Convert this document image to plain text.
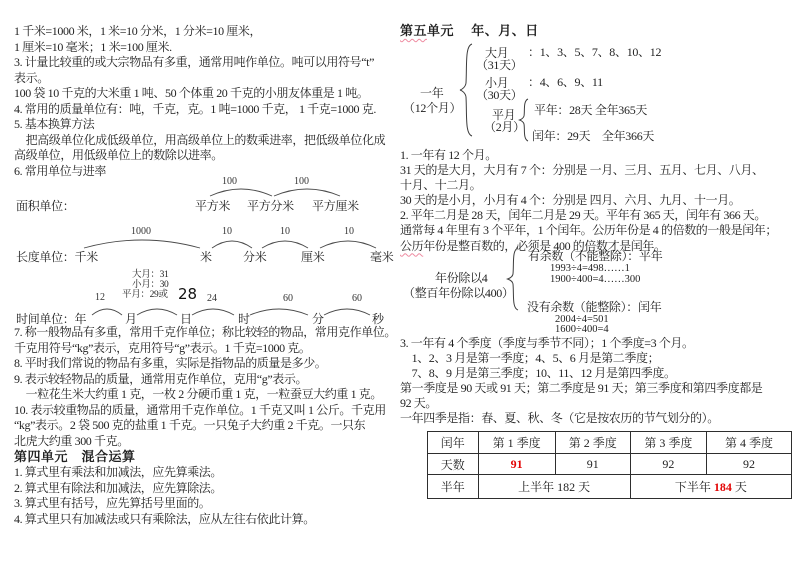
1 千米=1000 米，1 米=10 分米，1 分米=10 厘米，
1 厘米=10 毫米；1 米=100 厘米.
3. 计量比较重的或大宗物品有多重，通常用吨作单位。吨可以用符号“t”
表示。
100 袋 10 千克的大米重 1 吨、50 个体重 20 千克的小朋友体重是 1 吨。
4. 常用的质量单位有：吨，千克，克。1 吨=1000 千克， 1 千克=1000 克.
5. 基本换算方法
　把高级单位化成低级单位，用高级单位上的数乘进率，把低级单位化成
高级单位，用低级单位上的数除以进率。
6. 常用单位与进率
100	100
面积单位：	平方米 平方分米 平方厘米
1000	10	10	10
长度单位：千米	米	分米	厘米	毫米
大月：31
小月：30
平月：29或 28
12	24	60	60
时间单位：年	月	日	时	分	秒
7. 称一般物品有多重，常用千克作单位；称比较轻的物品，常用克作单位。
千克用符号“kg”表示，克用符号“g”表示。1 千克=1000 克。
8. 平时我们常说的物品有多重，实际是指物品的质量是多少。
9. 表示较轻物品的质量，通常用克作单位，克用“g”表示。
　一粒花生米大约重 1 克，一枚 2 分硬币重 1 克，一粒蚕豆大约重 1 克。
10. 表示较重物品的质量，通常用千克作单位。1 千克又叫 1 公斤。千克用
“kg”表示。2 袋 500 克的盐重 1 千克。一只兔子大约重 2 千克。一只东
北虎大约重 300 千克。
第四单元　混合运算
1. 算式里有乘法和加减法，应先算乘法。
2. 算式里有除法和加减法，应先算除法。
3. 算式里有括号，应先算括号里面的。
4. 算式里只有加减法或只有乘除法，应从左往右依此计算。
第五单元　 年、月、日
一年
（12个月）
大月
（31天）
：1、3、5、7、8、10、12
小月
（30天）
：4、6、9、11
平月
（2月）
平年：28天 全年365天
闰年：29天　全年366天
1. 一年有 12 个月。
31 天的是大月，大月有 7 个：分别是 一月、三月、五月、七月、八月、
十月、十二月。
30 天的是小月，小月有 4 个：分别是 四月、六月、九月、十一月。
2. 平年二月是 28 天，闰年二月是 29 天。平年有 365 天，闰年有 366 天。
通常每 4 年里有 3 个平年，1 个闰年。公历年份是 4 的倍数的一般是闰年；
公历年份是整百数的，必须是 400 的倍数才是闰年。
年份除以4
（整百年份除以400）
有余数（不能整除）：平年
1993÷4=498……1
1900÷400=4……300
没有余数（能整除）：闰年
2004÷4=501
1600÷400=4
3. 一年有 4 个季度（季度与季节不同）；1 个季度=3 个月。
　1、2、3 月是第一季度；4、5、6 月是第二季度；
　7、8、9 月是第三季度；10、11、12 月是第四季度。
第一季度是 90 天或 91 天；第二季度是 91 天；第三季度和第四季度都是
92 天。
一年四季是指：春、夏、秋、冬（它是按农历的节气划分的）。
闰年	第 1 季度	第 2 季度	第 3 季度	第 4 季度
天数	91	91	92	92
半年	上半年 182 天		下半年 184 天	
